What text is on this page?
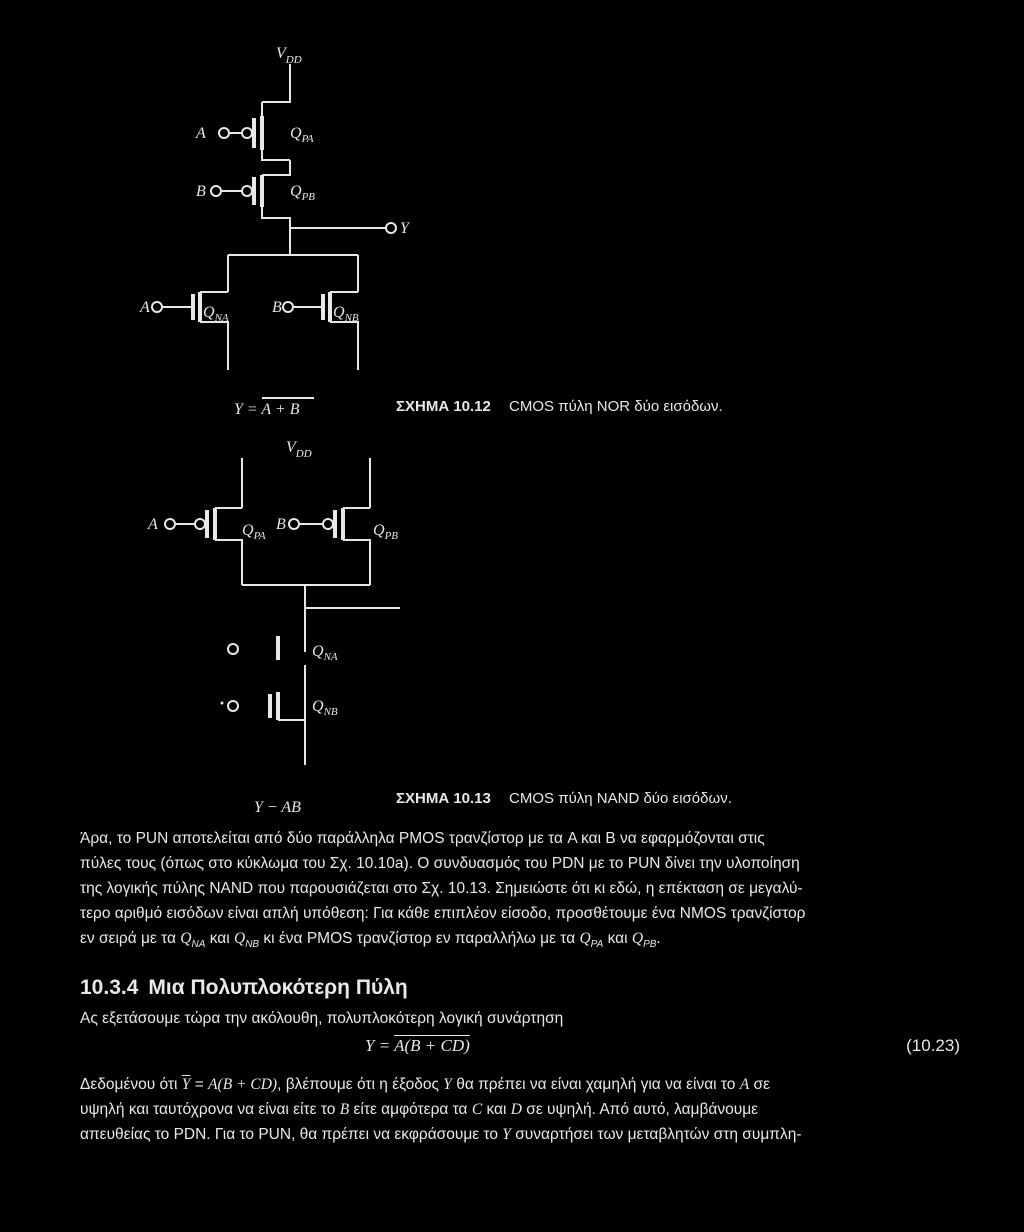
$V_{DD}$
A	$Q_{PA}$
B	$Q_{PB}$
Y
A	$Q_{NA}$
B	$Q_{NB}$
Y = A + B
$V_{DD}$
A	$Q_{PA}$
B	$Q_{PB}$
$Q_{NA}$
$Q_{NB}$
Y − AB
ΣΧΗΜΑ 10.12 CMOS πύλη NOR δύο εισόδων.
ΣΧΗΜΑ 10.13 CMOS πύλη NAND δύο εισόδων.

Άρα, το PUN αποτελείται από δύο παράλληλα PMOS τρανζίστορ με τα A και B να εφαρμόζονται στις

πύλες τους (όπως στο κύκλωμα του Σχ. 10.10a). Ο συνδυασμός του PDN με το PUN δίνει την υλοποίηση

της λογικής πύλης NAND που παρουσιάζεται στο Σχ. 10.13. Σημειώστε ότι κι εδώ, η επέκταση σε μεγαλύ-

τερο αριθμό εισόδων είναι απλή υπόθεση: Για κάθε επιπλέον είσοδο, προσθέτουμε ένα NMOS τρανζίστορ

εν σειρά με τα $Q_{NA}$ και $Q_{NB}$ κι ένα PMOS τρανζίστορ εν παραλλήλω με τα $Q_{PA}$ και $Q_{PB}$.

10.3.4 Μια Πολυπλοκότερη Πύλη

Ας εξετάσουμε τώρα την ακόλουθη, πολυπλοκότερη λογική συνάρτηση

Y = A(B + CD)	(10.23)

Δεδομένου ότι $\overline{Y} = A(B + CD)$, βλέπουμε ότι η έξοδος Y θα πρέπει να είναι χαμηλή για να είναι το A σε

υψηλή και ταυτόχρονα να είναι είτε το B είτε αμφότερα τα C και D σε υψηλή. Από αυτό, λαμβάνουμε

απευθείας το PDN. Για το PUN, θα πρέπει να εκφράσουμε το Y συναρτήσει των μεταβλητών στη συμπλη-
